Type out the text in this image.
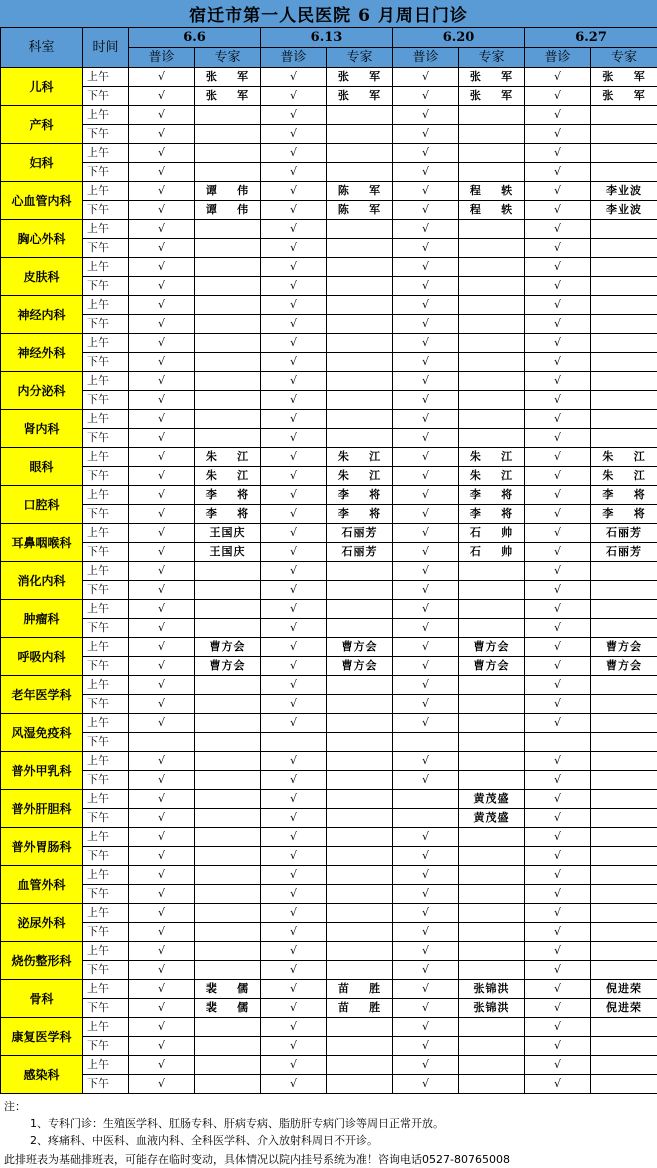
宿迁市第一人民医院 6 月周日门诊
科室	时间	6.6		6.13		6.20		6.27	
		普诊	专家	普诊	专家	普诊	专家	普诊	专家
儿科	上午	√	张    军	√	张    军	√	张    军	√	张    军
	下午	√	张    军	√	张    军	√	张    军	√	张    军
产科	上午	√		√		√		√	
	下午	√		√		√		√	
妇科	上午	√		√		√		√	
	下午	√		√		√		√	
心血管内科	上午	√	谭    伟	√	陈    军	√	程    轶	√	李业波
	下午	√	谭    伟	√	陈    军	√	程    轶	√	李业波
胸心外科	上午	√		√		√		√	
	下午	√		√		√		√	
皮肤科	上午	√		√		√		√	
	下午	√		√		√		√	
神经内科	上午	√		√		√		√	
	下午	√		√		√		√	
神经外科	上午	√		√		√		√	
	下午	√		√		√		√	
内分泌科	上午	√		√		√		√	
	下午	√		√		√		√	
肾内科	上午	√		√		√		√	
	下午	√		√		√		√	
眼科	上午	√	朱    江	√	朱    江	√	朱    江	√	朱    江
	下午	√	朱    江	√	朱    江	√	朱    江	√	朱    江
口腔科	上午	√	李    将	√	李    将	√	李    将	√	李    将
	下午	√	李    将	√	李    将	√	李    将	√	李    将
耳鼻咽喉科	上午	√	王国庆	√	石丽芳	√	石    帅	√	石丽芳
	下午	√	王国庆	√	石丽芳	√	石    帅	√	石丽芳
消化内科	上午	√		√		√		√	
	下午	√		√		√		√	
肿瘤科	上午	√		√		√		√	
	下午	√		√		√		√	
呼吸内科	上午	√	曹方会	√	曹方会	√	曹方会	√	曹方会
	下午	√	曹方会	√	曹方会	√	曹方会	√	曹方会
老年医学科	上午	√		√		√		√	
	下午	√		√		√		√	
风湿免疫科	上午	√		√		√		√	
	下午								
普外甲乳科	上午	√		√		√		√	
	下午	√		√		√		√	
普外肝胆科	上午	√		√			黄茂盛	√	
	下午	√		√			黄茂盛	√	
普外胃肠科	上午	√		√		√		√	
	下午	√		√		√		√	
血管外科	上午	√		√		√		√	
	下午	√		√		√		√	
泌尿外科	上午	√		√		√		√	
	下午	√		√		√		√	
烧伤整形科	上午	√		√		√		√	
	下午	√		√		√		√	
骨科	上午	√	裴    儒	√	苗    胜	√	张锦洪	√	倪进荣
	下午	√	裴    儒	√	苗    胜	√	张锦洪	√	倪进荣
康复医学科	上午	√		√		√		√	
	下午	√		√		√		√	
感染科	上午	√		√		√		√	
	下午	√		√		√		√	
注：
1、专科门诊：生殖医学科、肛肠专科、肝病专病、脂肪肝专病门诊等周日正常开放。
2、疼痛科、中医科、血液内科、全科医学科、介入放射科周日不开诊。
此排班表为基础排班表，可能存在临时变动，具体情况以院内挂号系统为准！咨询电话0527-80765008
